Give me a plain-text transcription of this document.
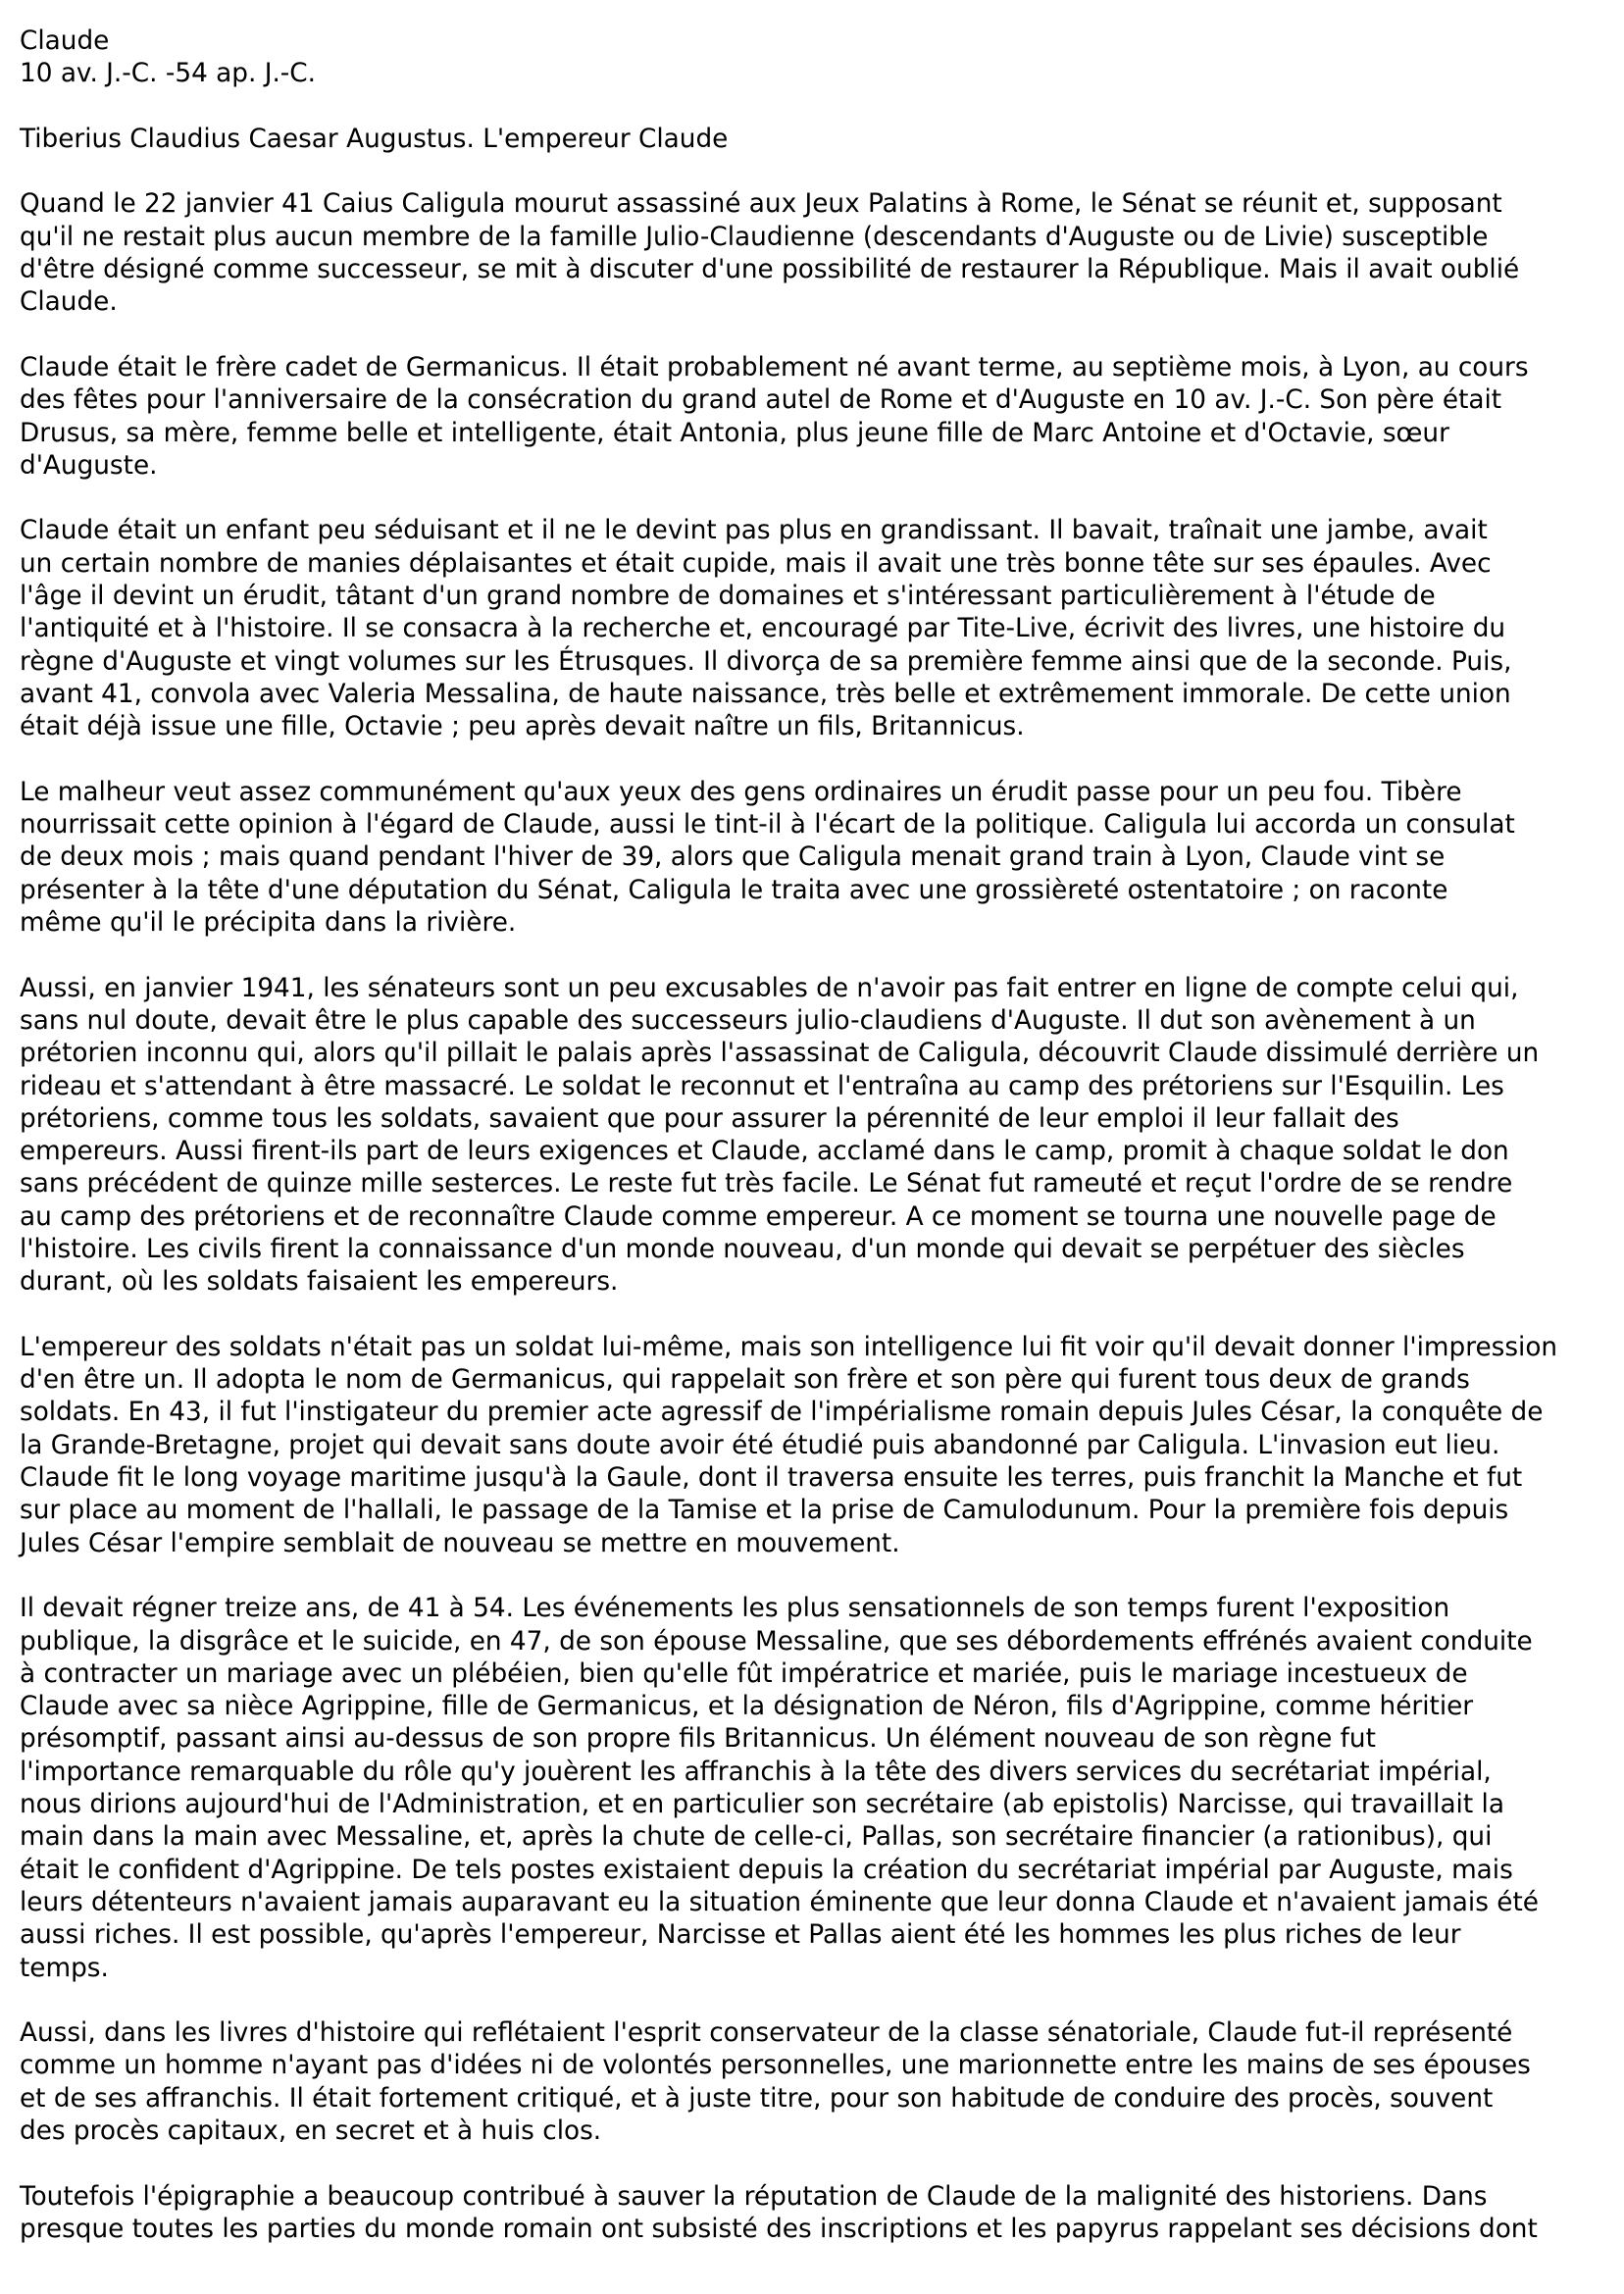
Claude
10 av. J.-C. -54 ap. J.-C.
Tiberius Claudius Caesar Augustus. L'empereur Claude
Quand le 22 janvier 41 Caius Caligula mourut assassiné aux Jeux Palatins à Rome, le Sénat se réunit et, supposant
qu'il ne restait plus aucun membre de la famille Julio-Claudienne (descendants d'Auguste ou de Livie) susceptible
d'être désigné comme successeur, se mit à discuter d'une possibilité de restaurer la République. Mais il avait oublié
Claude.
Claude était le frère cadet de Germanicus. Il était probablement né avant terme, au septième mois, à Lyon, au cours
des fêtes pour l'anniversaire de la consécration du grand autel de Rome et d'Auguste en 10 av. J.-C. Son père était
Drusus, sa mère, femme belle et intelligente, était Antonia, plus jeune fille de Marc Antoine et d'Octavie, sœur
d'Auguste.
Claude était un enfant peu séduisant et il ne le devint pas plus en grandissant. Il bavait, traînait une jambe, avait
un certain nombre de manies déplaisantes et était cupide, mais il avait une très bonne tête sur ses épaules. Avec
l'âge il devint un érudit, tâtant d'un grand nombre de domaines et s'intéressant particulièrement à l'étude de
l'antiquité et à l'histoire. Il se consacra à la recherche et, encouragé par Tite-Live, écrivit des livres, une histoire du
règne d'Auguste et vingt volumes sur les Étrusques. Il divorça de sa première femme ainsi que de la seconde. Puis,
avant 41, convola avec Valeria Messalina, de haute naissance, très belle et extrêmement immorale. De cette union
était déjà issue une fille, Octavie ; peu après devait naître un fils, Britannicus.
Le malheur veut assez communément qu'aux yeux des gens ordinaires un érudit passe pour un peu fou. Tibère
nourrissait cette opinion à l'égard de Claude, aussi le tint-il à l'écart de la politique. Caligula lui accorda un consulat
de deux mois ; mais quand pendant l'hiver de 39, alors que Caligula menait grand train à Lyon, Claude vint se
présenter à la tête d'une députation du Sénat, Caligula le traita avec une grossièreté ostentatoire ; on raconte
même qu'il le précipita dans la rivière.
Aussi, en janvier 1941, les sénateurs sont un peu excusables de n'avoir pas fait entrer en ligne de compte celui qui,
sans nul doute, devait être le plus capable des successeurs julio-claudiens d'Auguste. Il dut son avènement à un
prétorien inconnu qui, alors qu'il pillait le palais après l'assassinat de Caligula, découvrit Claude dissimulé derrière un
rideau et s'attendant à être massacré. Le soldat le reconnut et l'entraîna au camp des prétoriens sur l'Esquilin. Les
prétoriens, comme tous les soldats, savaient que pour assurer la pérennité de leur emploi il leur fallait des
empereurs. Aussi firent-ils part de leurs exigences et Claude, acclamé dans le camp, promit à chaque soldat le don
sans précédent de quinze mille sesterces. Le reste fut très facile. Le Sénat fut rameuté et reçut l'ordre de se rendre
au camp des prétoriens et de reconnaître Claude comme empereur. A ce moment se tourna une nouvelle page de
l'histoire. Les civils firent la connaissance d'un monde nouveau, d'un monde qui devait se perpétuer des siècles
durant, où les soldats faisaient les empereurs.
L'empereur des soldats n'était pas un soldat lui-même, mais son intelligence lui fit voir qu'il devait donner l'impression
d'en être un. Il adopta le nom de Germanicus, qui rappelait son frère et son père qui furent tous deux de grands
soldats. En 43, il fut l'instigateur du premier acte agressif de l'impérialisme romain depuis Jules César, la conquête de
la Grande-Bretagne, projet qui devait sans doute avoir été étudié puis abandonné par Caligula. L'invasion eut lieu.
Claude fit le long voyage maritime jusqu'à la Gaule, dont il traversa ensuite les terres, puis franchit la Manche et fut
sur place au moment de l'hallali, le passage de la Tamise et la prise de Camulodunum. Pour la première fois depuis
Jules César l'empire semblait de nouveau se mettre en mouvement.
Il devait régner treize ans, de 41 à 54. Les événements les plus sensationnels de son temps furent l'exposition
publique, la disgrâce et le suicide, en 47, de son épouse Messaline, que ses débordements effrénés avaient conduite
à contracter un mariage avec un plébéien, bien qu'elle fût impératrice et mariée, puis le mariage incestueux de
Claude avec sa nièce Agrippine, fille de Germanicus, et la désignation de Néron, fils d'Agrippine, comme héritier
présomptif, passant aiпsi au-dessus de son propre fils Britannicus. Un élément nouveau de son règne fut
l'importance remarquable du rôle qu'y jouèrent les affranchis à la tête des divers services du secrétariat impérial,
nous dirions aujourd'hui de l'Administration, et en particulier son secrétaire (ab epistolis) Narcisse, qui travaillait la
main dans la main avec Messaline, et, après la chute de celle-ci, Pallas, son secrétaire financier (a rationibus), qui
était le confident d'Agrippine. De tels postes existaient depuis la création du secrétariat impérial par Auguste, mais
leurs détenteurs n'avaient jamais auparavant eu la situation éminente que leur donna Claude et n'avaient jamais été
aussi riches. Il est possible, qu'après l'empereur, Narcisse et Pallas aient été les hommes les plus riches de leur
temps.
Aussi, dans les livres d'histoire qui reflétaient l'esprit conservateur de la classe sénatoriale, Claude fut-il représenté
comme un homme n'ayant pas d'idées ni de volontés personnelles, une marionnette entre les mains de ses épouses
et de ses affranchis. Il était fortement critiqué, et à juste titre, pour son habitude de conduire des procès, souvent
des procès capitaux, en secret et à huis clos.
Toutefois l'épigraphie a beaucoup contribué à sauver la réputation de Claude de la malignité des historiens. Dans
presque toutes les parties du monde romain ont subsisté des inscriptions et les papyrus rappelant ses décisions dont
